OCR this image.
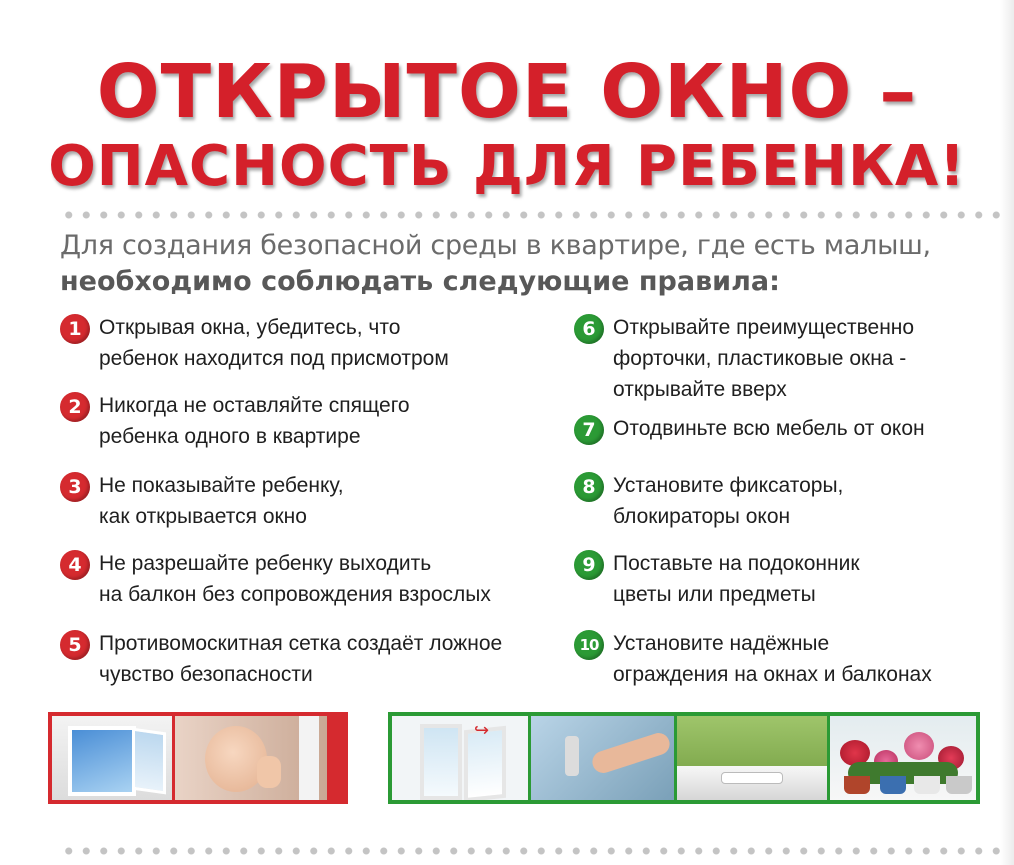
ОТКРЫТОЕ ОКНО –
ОПАСНОСТЬ ДЛЯ РЕБЕНКА!
Для создания безопасной среды в квартире, где есть малыш,
необходимо соблюдать следующие правила:
1 Открывая окна, убедитесь, что
ребенок находится под присмотром
2 Никогда не оставляйте спящего
ребенка одного в квартире
3 Не показывайте ребенку,
как открывается окно
4 Не разрешайте ребенку выходить
на балкон без сопровождения взрослых
5 Противомоскитная сетка создаёт ложное
чувство безопасности
6 Открывайте преимущественно
форточки, пластиковые окна -
открывайте вверх
7 Отодвиньте всю мебель от окон
8 Установите фиксаторы,
блокираторы окон
9 Поставьте на подоконник
цветы или предметы
10 Установите надёжные
ограждения на окнах и балконах
↪
